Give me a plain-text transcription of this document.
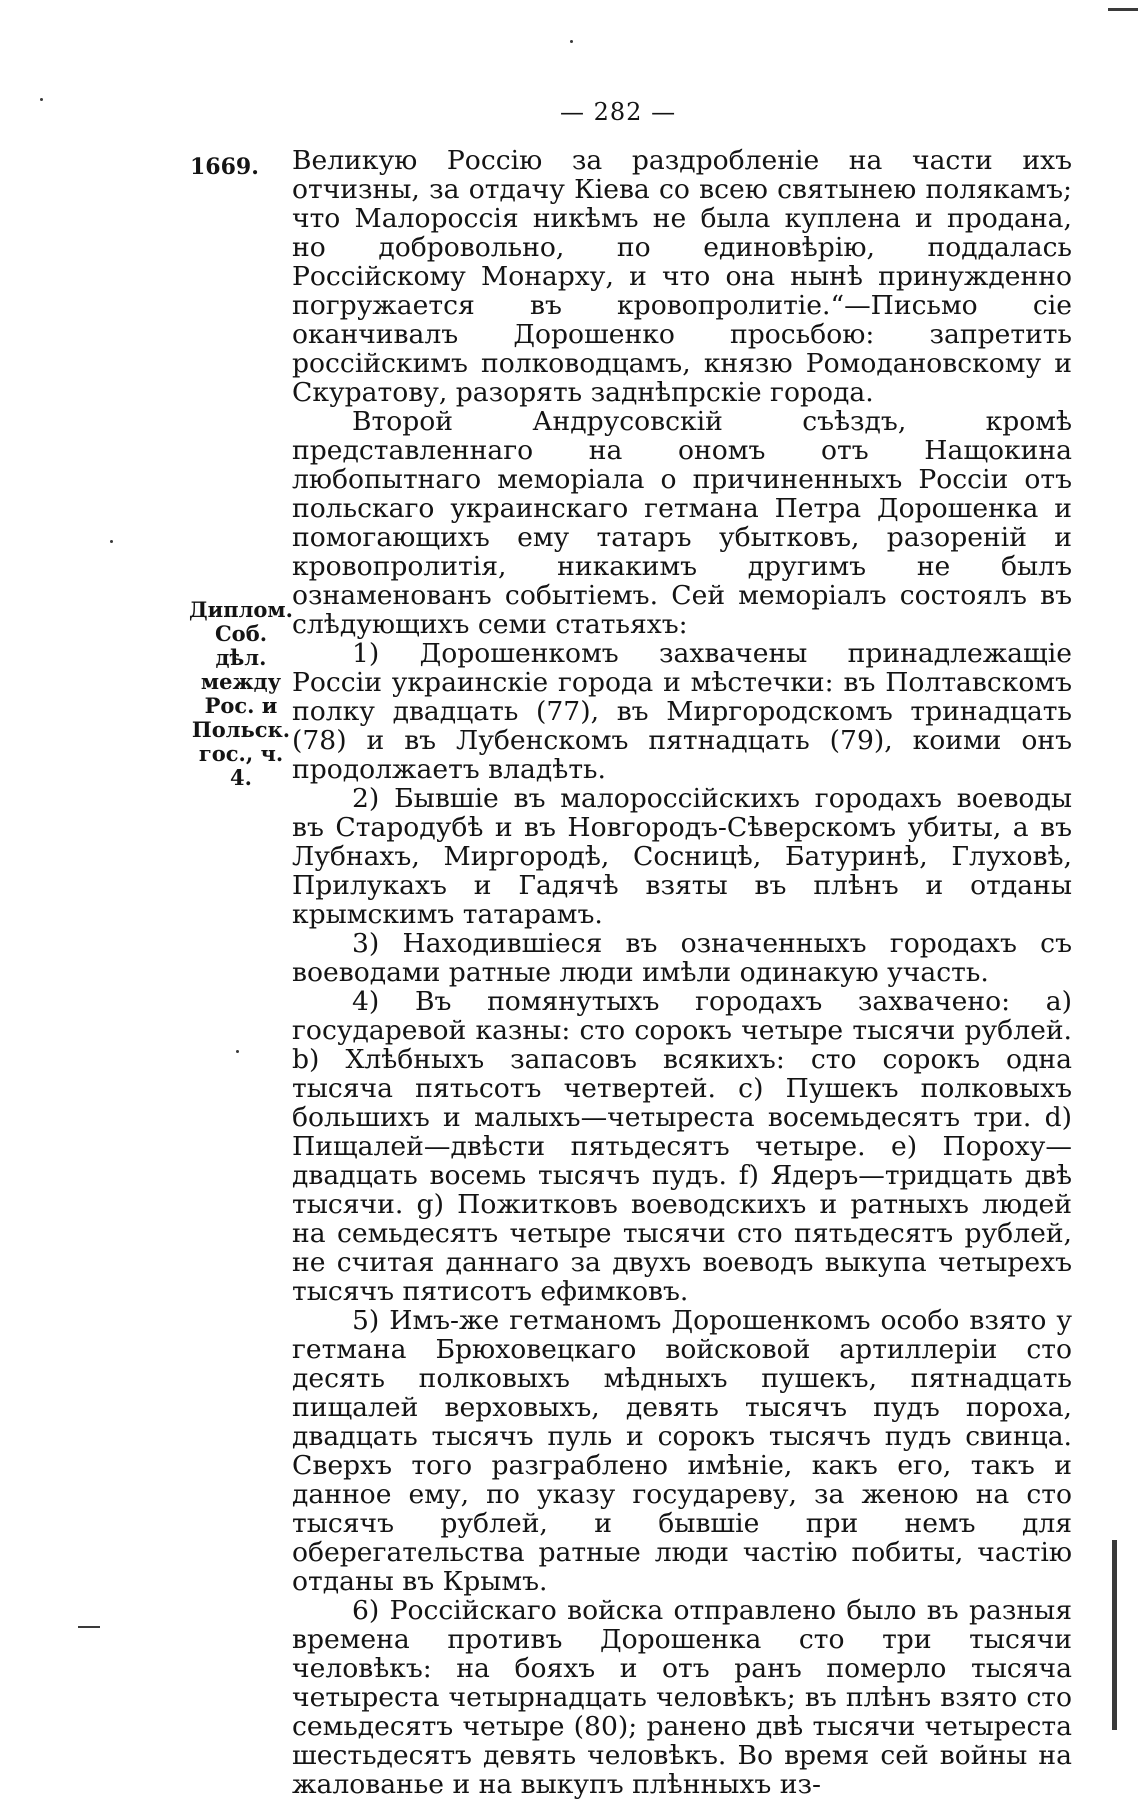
— 282 —
1669.
Диплом.
Соб. дѣл.
между
Рос. и
Польск.
гос., ч. 4.

Великую Россію за раздробленіе на части ихъ отчизны, за отдачу Кіева со всею святынею полякамъ; что Малороссія никѣмъ не была куплена и продана, но добровольно, по единовѣрію, поддалась Россійскому Монарху, и что она нынѣ принужденно погружается въ кровопролитіе.“—Письмо сіе оканчивалъ Дорошенко просьбою: запретить россійскимъ полководцамъ, князю Ромодановскому и Скуратову, разорять заднѣпрскіе города.

Второй Андрусовскій съѣздъ, кромѣ представленнаго на ономъ отъ Нащокина любопытнаго меморіала о причиненныхъ Россіи отъ польскаго украинскаго гетмана Петра Дорошенка и помогающихъ ему татаръ убытковъ, разореній и кровопролитія, никакимъ другимъ не былъ ознаменованъ событіемъ. Сей меморіалъ состоялъ въ слѣдующихъ семи статьяхъ:

1) Дорошенкомъ захвачены принадлежащіе Россіи украинскіе города и мѣстечки: въ Полтавскомъ полку двадцать (77), въ Миргородскомъ тринадцать (78) и въ Лубенскомъ пятнадцать (79), коими онъ продолжаетъ владѣть.

2) Бывшіе въ малороссійскихъ городахъ воеводы въ Стародубѣ и въ Новгородъ-Сѣверскомъ убиты, а въ Лубнахъ, Миргородѣ, Сосницѣ, Батуринѣ, Глуховѣ, Прилукахъ и Гадячѣ взяты въ плѣнъ и отданы крымскимъ татарамъ.

3) Находившіеся въ означенныхъ городахъ съ воеводами ратные люди имѣли одинакую участь.

4) Въ помянутыхъ городахъ захвачено: а) государевой казны: сто сорокъ четыре тысячи рублей. b) Хлѣбныхъ запасовъ всякихъ: сто сорокъ одна тысяча пятьсотъ четвертей. c) Пушекъ полковыхъ большихъ и малыхъ—четыреста восемьдесятъ три. d) Пищалей—двѣсти пятьдесятъ четыре. e) Пороху—двадцать восемь тысячъ пудъ. f) Ядеръ—тридцать двѣ тысячи. g) Пожитковъ воеводскихъ и ратныхъ людей на семьдесятъ четыре тысячи сто пятьдесятъ рублей, не считая даннаго за двухъ воеводъ выкупа четырехъ тысячъ пятисотъ ефимковъ.

5) Имъ-же гетманомъ Дорошенкомъ особо взято у гетмана Брюховецкаго войсковой артиллеріи сто десять полковыхъ мѣдныхъ пушекъ, пятнадцать пищалей верховыхъ, девять тысячъ пудъ пороха, двадцать тысячъ пуль и сорокъ тысячъ пудъ свинца. Сверхъ того разграблено имѣніе, какъ его, такъ и данное ему, по указу государеву, за женою на сто тысячъ рублей, и бывшіе при немъ для оберегательства ратные люди частію побиты, частію отданы въ Крымъ.

6) Россійскаго войска отправлено было въ разныя времена противъ Дорошенка сто три тысячи человѣкъ: на бояхъ и отъ ранъ померло тысяча четыреста четырнадцать человѣкъ; въ плѣнъ взято сто семьдесятъ четыре (80); ранено двѣ тысячи четыреста шестьдесятъ девять человѣкъ. Во время сей войны на жалованье и на выкупъ плѣнныхъ из-
